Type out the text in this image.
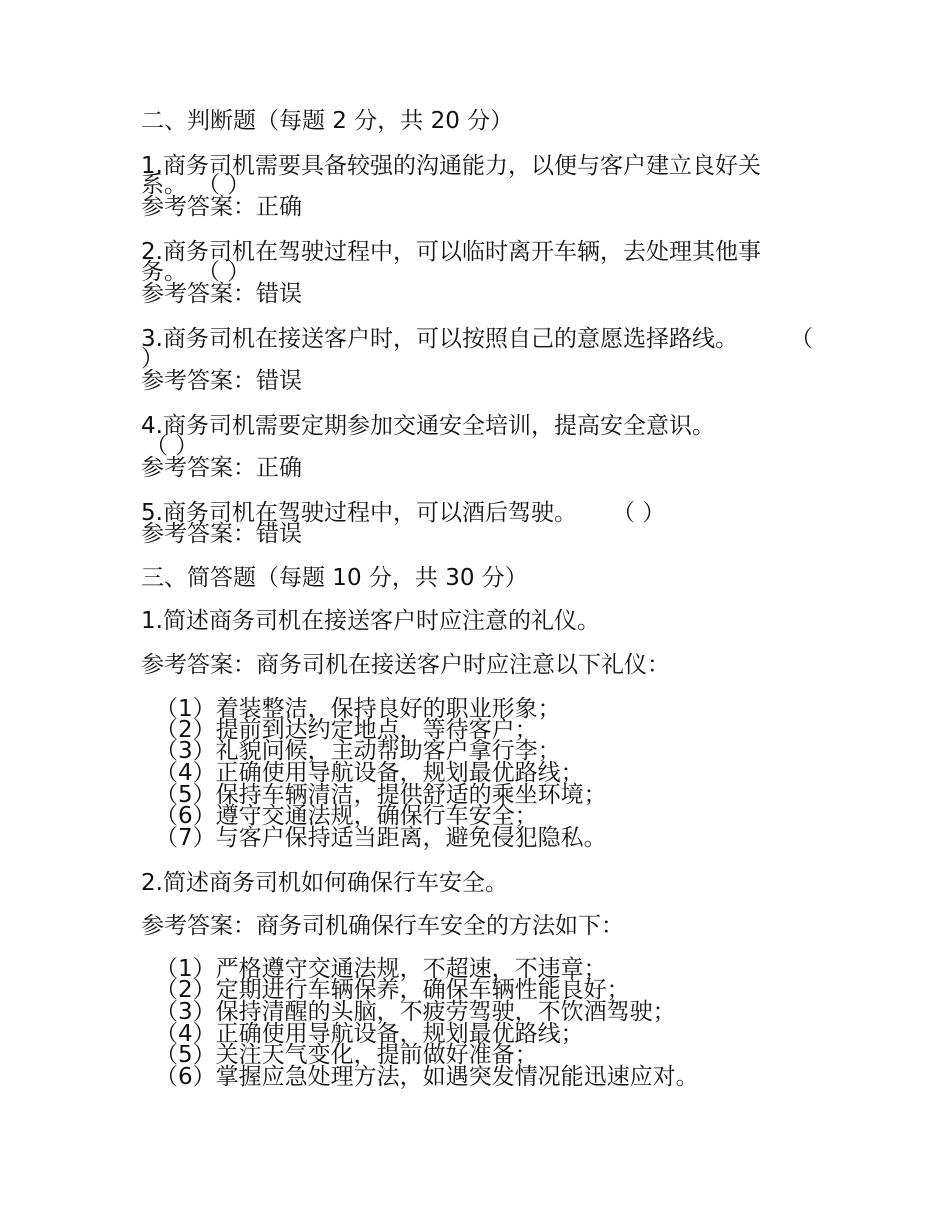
二、判断题（每题 2 分，共 20 分）
1.商务司机需要具备较强的沟通能力，以便与客户建立良好关
系。 （ ）
参考答案：正确
2.商务司机在驾驶过程中，可以临时离开车辆，去处理其他事
务。 （ ）
参考答案：错误
3.商务司机在接送客户时，可以按照自己的意愿选择路线。 （
）
参考答案：错误
4.商务司机需要定期参加交通安全培训，提高安全意识。
（ ）
参考答案：正确
5.商务司机在驾驶过程中，可以酒后驾驶。 （ ）
参考答案：错误
三、简答题（每题 10 分，共 30 分）
1.简述商务司机在接送客户时应注意的礼仪。
参考答案：商务司机在接送客户时应注意以下礼仪：
（1）着装整洁，保持良好的职业形象；
（2）提前到达约定地点，等待客户；
（3）礼貌问候，主动帮助客户拿行李；
（4）正确使用导航设备，规划最优路线；
（5）保持车辆清洁，提供舒适的乘坐环境；
（6）遵守交通法规，确保行车安全；
（7）与客户保持适当距离，避免侵犯隐私。
2.简述商务司机如何确保行车安全。
参考答案：商务司机确保行车安全的方法如下：
（1）严格遵守交通法规，不超速，不违章；
（2）定期进行车辆保养，确保车辆性能良好；
（3）保持清醒的头脑，不疲劳驾驶，不饮酒驾驶；
（4）正确使用导航设备，规划最优路线；
（5）关注天气变化，提前做好准备；
（6）掌握应急处理方法，如遇突发情况能迅速应对。
